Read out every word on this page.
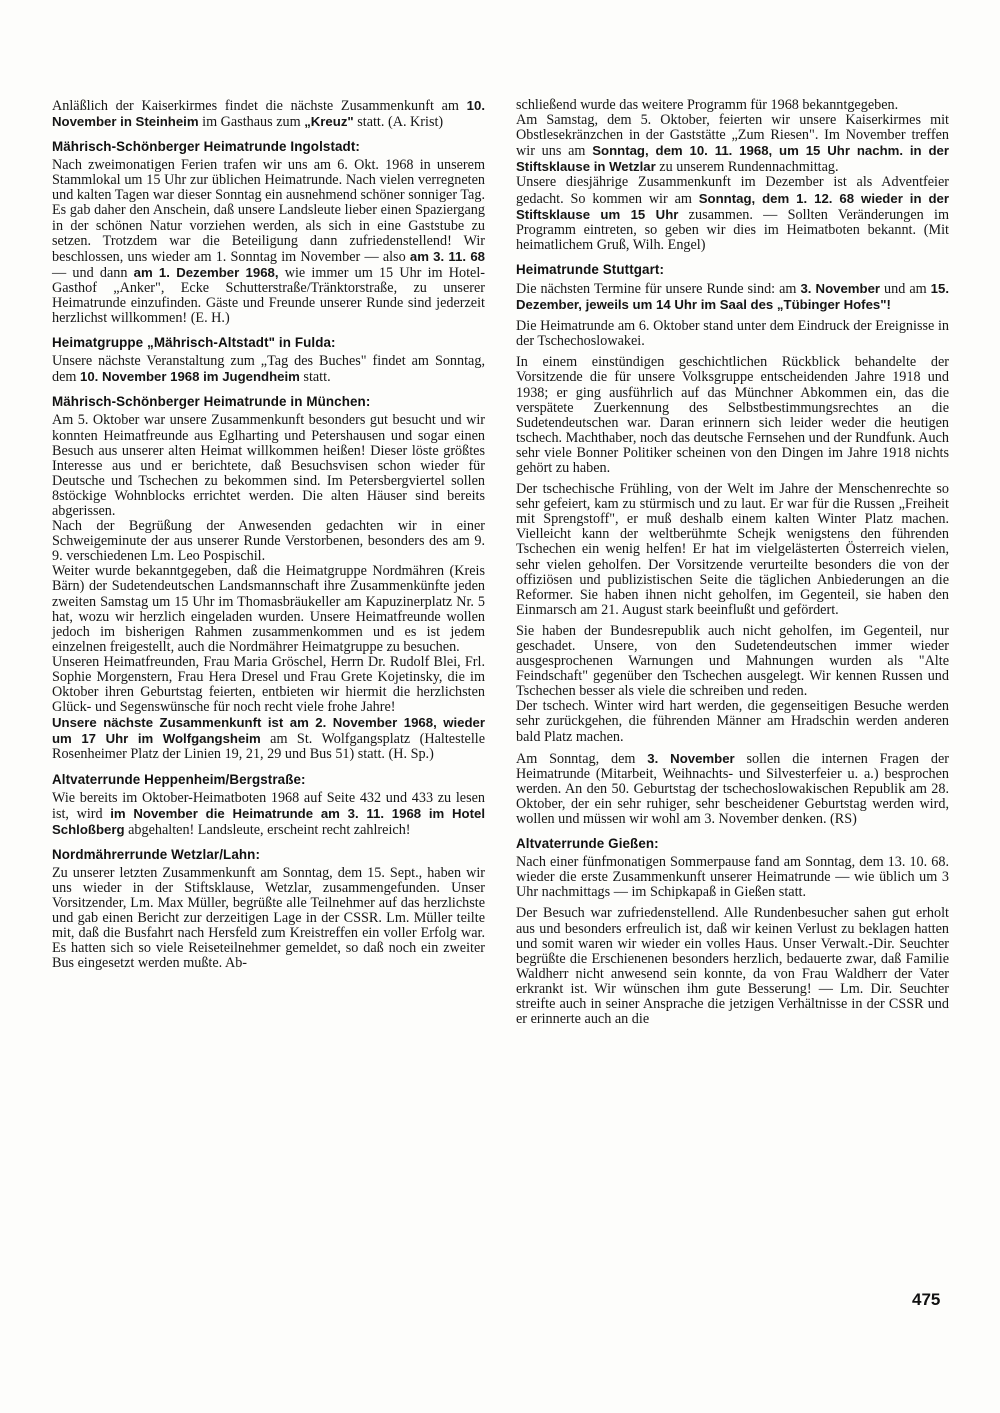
Anläßlich der Kaiserkirmes findet die nächste Zusammenkunft am 10. November in Steinheim im Gasthaus zum „Kreuz" statt. (A. Krist)

Mährisch-Schönberger Heimatrunde Ingolstadt:

Nach zweimonatigen Ferien trafen wir uns am 6. Okt. 1968 in unserem Stammlokal um 15 Uhr zur üblichen Heimatrunde. Nach vielen verregneten und kalten Tagen war dieser Sonntag ein ausnehmend schöner sonniger Tag. Es gab daher den Anschein, daß unsere Landsleute lieber einen Spaziergang in der schönen Natur vorziehen werden, als sich in eine Gaststube zu setzen. Trotzdem war die Beteiligung dann zufriedenstellend! Wir beschlossen, uns wieder am 1. Sonntag im November — also am 3. 11. 68 — und dann am 1. Dezember 1968, wie immer um 15 Uhr im Hotel-Gasthof „Anker", Ecke Schutterstraße/Tränktorstraße, zu unserer Heimatrunde einzufinden. Gäste und Freunde unserer Runde sind jederzeit herzlichst willkommen! (E. H.)

Heimatgruppe „Mährisch-Altstadt" in Fulda:

Unsere nächste Veranstaltung zum „Tag des Buches" findet am Sonntag, dem 10. November 1968 im Jugendheim statt.

Mährisch-Schönberger Heimatrunde in München:

Am 5. Oktober war unsere Zusammenkunft besonders gut besucht und wir konnten Heimatfreunde aus Eglharting und Petershausen und sogar einen Besuch aus unserer alten Heimat willkommen heißen! Dieser löste größtes Interesse aus und er berichtete, daß Besuchsvisen schon wieder für Deutsche und Tschechen zu bekommen sind. Im Petersbergviertel sollen 8stöckige Wohnblocks errichtet werden. Die alten Häuser sind bereits abgerissen.

Nach der Begrüßung der Anwesenden gedachten wir in einer Schweigeminute der aus unserer Runde Verstorbenen, besonders des am 9. 9. verschiedenen Lm. Leo Pospischil.

Weiter wurde bekanntgegeben, daß die Heimatgruppe Nordmähren (Kreis Bärn) der Sudetendeutschen Landsmannschaft ihre Zusammenkünfte jeden zweiten Samstag um 15 Uhr im Thomasbräukeller am Kapuzinerplatz Nr. 5 hat, wozu wir herzlich eingeladen wurden. Unsere Heimatfreunde wollen jedoch im bisherigen Rahmen zusammenkommen und es ist jedem einzelnen freigestellt, auch die Nordmährer Heimatgruppe zu besuchen.

Unseren Heimatfreunden, Frau Maria Gröschel, Herrn Dr. Rudolf Blei, Frl. Sophie Morgenstern, Frau Hera Dresel und Frau Grete Kojetinsky, die im Oktober ihren Geburtstag feierten, entbieten wir hiermit die herzlichsten Glück- und Segenswünsche für noch recht viele frohe Jahre!

Unsere nächste Zusammenkunft ist am 2. November 1968, wieder um 17 Uhr im Wolfgangsheim am St. Wolfgangsplatz (Haltestelle Rosenheimer Platz der Linien 19, 21, 29 und Bus 51) statt. (H. Sp.)

Altvaterrunde Heppenheim/Bergstraße:

Wie bereits im Oktober-Heimatboten 1968 auf Seite 432 und 433 zu lesen ist, wird im November die Heimatrunde am 3. 11. 1968 im Hotel Schloßberg abgehalten! Landsleute, erscheint recht zahlreich!

Nordmährerrunde Wetzlar/Lahn:

Zu unserer letzten Zusammenkunft am Sonntag, dem 15. Sept., haben wir uns wieder in der Stiftsklause, Wetzlar, zusammengefunden. Unser Vorsitzender, Lm. Max Müller, begrüßte alle Teilnehmer auf das herzlichste und gab einen Bericht zur derzeitigen Lage in der CSSR. Lm. Müller teilte mit, daß die Busfahrt nach Hersfeld zum Kreistreffen ein voller Erfolg war. Es hatten sich so viele Reiseteilnehmer gemeldet, so daß noch ein zweiter Bus eingesetzt werden mußte. Ab-

schließend wurde das weitere Programm für 1968 bekanntgegeben.

Am Samstag, dem 5. Oktober, feierten wir unsere Kaiserkirmes mit Obstlesekränzchen in der Gaststätte „Zum Riesen". Im November treffen wir uns am Sonntag, dem 10. 11. 1968, um 15 Uhr nachm. in der Stiftsklause in Wetzlar zu unserem Rundennachmittag.

Unsere diesjährige Zusammenkunft im Dezember ist als Adventfeier gedacht. So kommen wir am Sonntag, dem 1. 12. 68 wieder in der Stiftsklause um 15 Uhr zusammen. — Sollten Veränderungen im Programm eintreten, so geben wir dies im Heimatboten bekannt. (Mit heimatlichem Gruß, Wilh. Engel)

Heimatrunde Stuttgart:

Die nächsten Termine für unsere Runde sind: am 3. November und am 15. Dezember, jeweils um 14 Uhr im Saal des „Tübinger Hofes"!

Die Heimatrunde am 6. Oktober stand unter dem Eindruck der Ereignisse in der Tschechoslowakei.

In einem einstündigen geschichtlichen Rückblick behandelte der Vorsitzende die für unsere Volksgruppe entscheidenden Jahre 1918 und 1938; er ging ausführlich auf das Münchner Abkommen ein, das die verspätete Zuerkennung des Selbstbestimmungsrechtes an die Sudetendeutschen war. Daran erinnern sich leider weder die heutigen tschech. Machthaber, noch das deutsche Fernsehen und der Rundfunk. Auch sehr viele Bonner Politiker scheinen von den Dingen im Jahre 1918 nichts gehört zu haben.

Der tschechische Frühling, von der Welt im Jahre der Menschenrechte so sehr gefeiert, kam zu stürmisch und zu laut. Er war für die Russen „Freiheit mit Sprengstoff", er muß deshalb einem kalten Winter Platz machen. Vielleicht kann der weltberühmte Schejk wenigstens den führenden Tschechen ein wenig helfen! Er hat im vielgelästerten Österreich vielen, sehr vielen geholfen. Der Vorsitzende verurteilte besonders die von der offiziösen und publizistischen Seite die täglichen Anbiederungen an die Reformer. Sie haben ihnen nicht geholfen, im Gegenteil, sie haben den Einmarsch am 21. August stark beeinflußt und gefördert.

Sie haben der Bundesrepublik auch nicht geholfen, im Gegenteil, nur geschadet. Unsere, von den Sudetendeutschen immer wieder ausgesprochenen Warnungen und Mahnungen wurden als "Alte Feindschaft" gegenüber den Tschechen ausgelegt. Wir kennen Russen und Tschechen besser als viele die schreiben und reden.

Der tschech. Winter wird hart werden, die gegenseitigen Besuche werden sehr zurückgehen, die führenden Männer am Hradschin werden anderen bald Platz machen.

Am Sonntag, dem 3. November sollen die internen Fragen der Heimatrunde (Mitarbeit, Weihnachts- und Silvesterfeier u. a.) besprochen werden. An den 50. Geburtstag der tschechoslowakischen Republik am 28. Oktober, der ein sehr ruhiger, sehr bescheidener Geburtstag werden wird, wollen und müssen wir wohl am 3. November denken. (RS)

Altvaterrunde Gießen:

Nach einer fünfmonatigen Sommerpause fand am Sonntag, dem 13. 10. 68. wieder die erste Zusammenkunft unserer Heimatrunde — wie üblich um 3 Uhr nachmittags — im Schipkapaß in Gießen statt.

Der Besuch war zufriedenstellend. Alle Rundenbesucher sahen gut erholt aus und besonders erfreulich ist, daß wir keinen Verlust zu beklagen hatten und somit waren wir wieder ein volles Haus. Unser Verwalt.-Dir. Seuchter begrüßte die Erschienenen besonders herzlich, bedauerte zwar, daß Familie Waldherr nicht anwesend sein konnte, da von Frau Waldherr der Vater erkrankt ist. Wir wünschen ihm gute Besserung! — Lm. Dir. Seuchter streifte auch in seiner Ansprache die jetzigen Verhältnisse in der CSSR und er erinnerte auch an die

475
